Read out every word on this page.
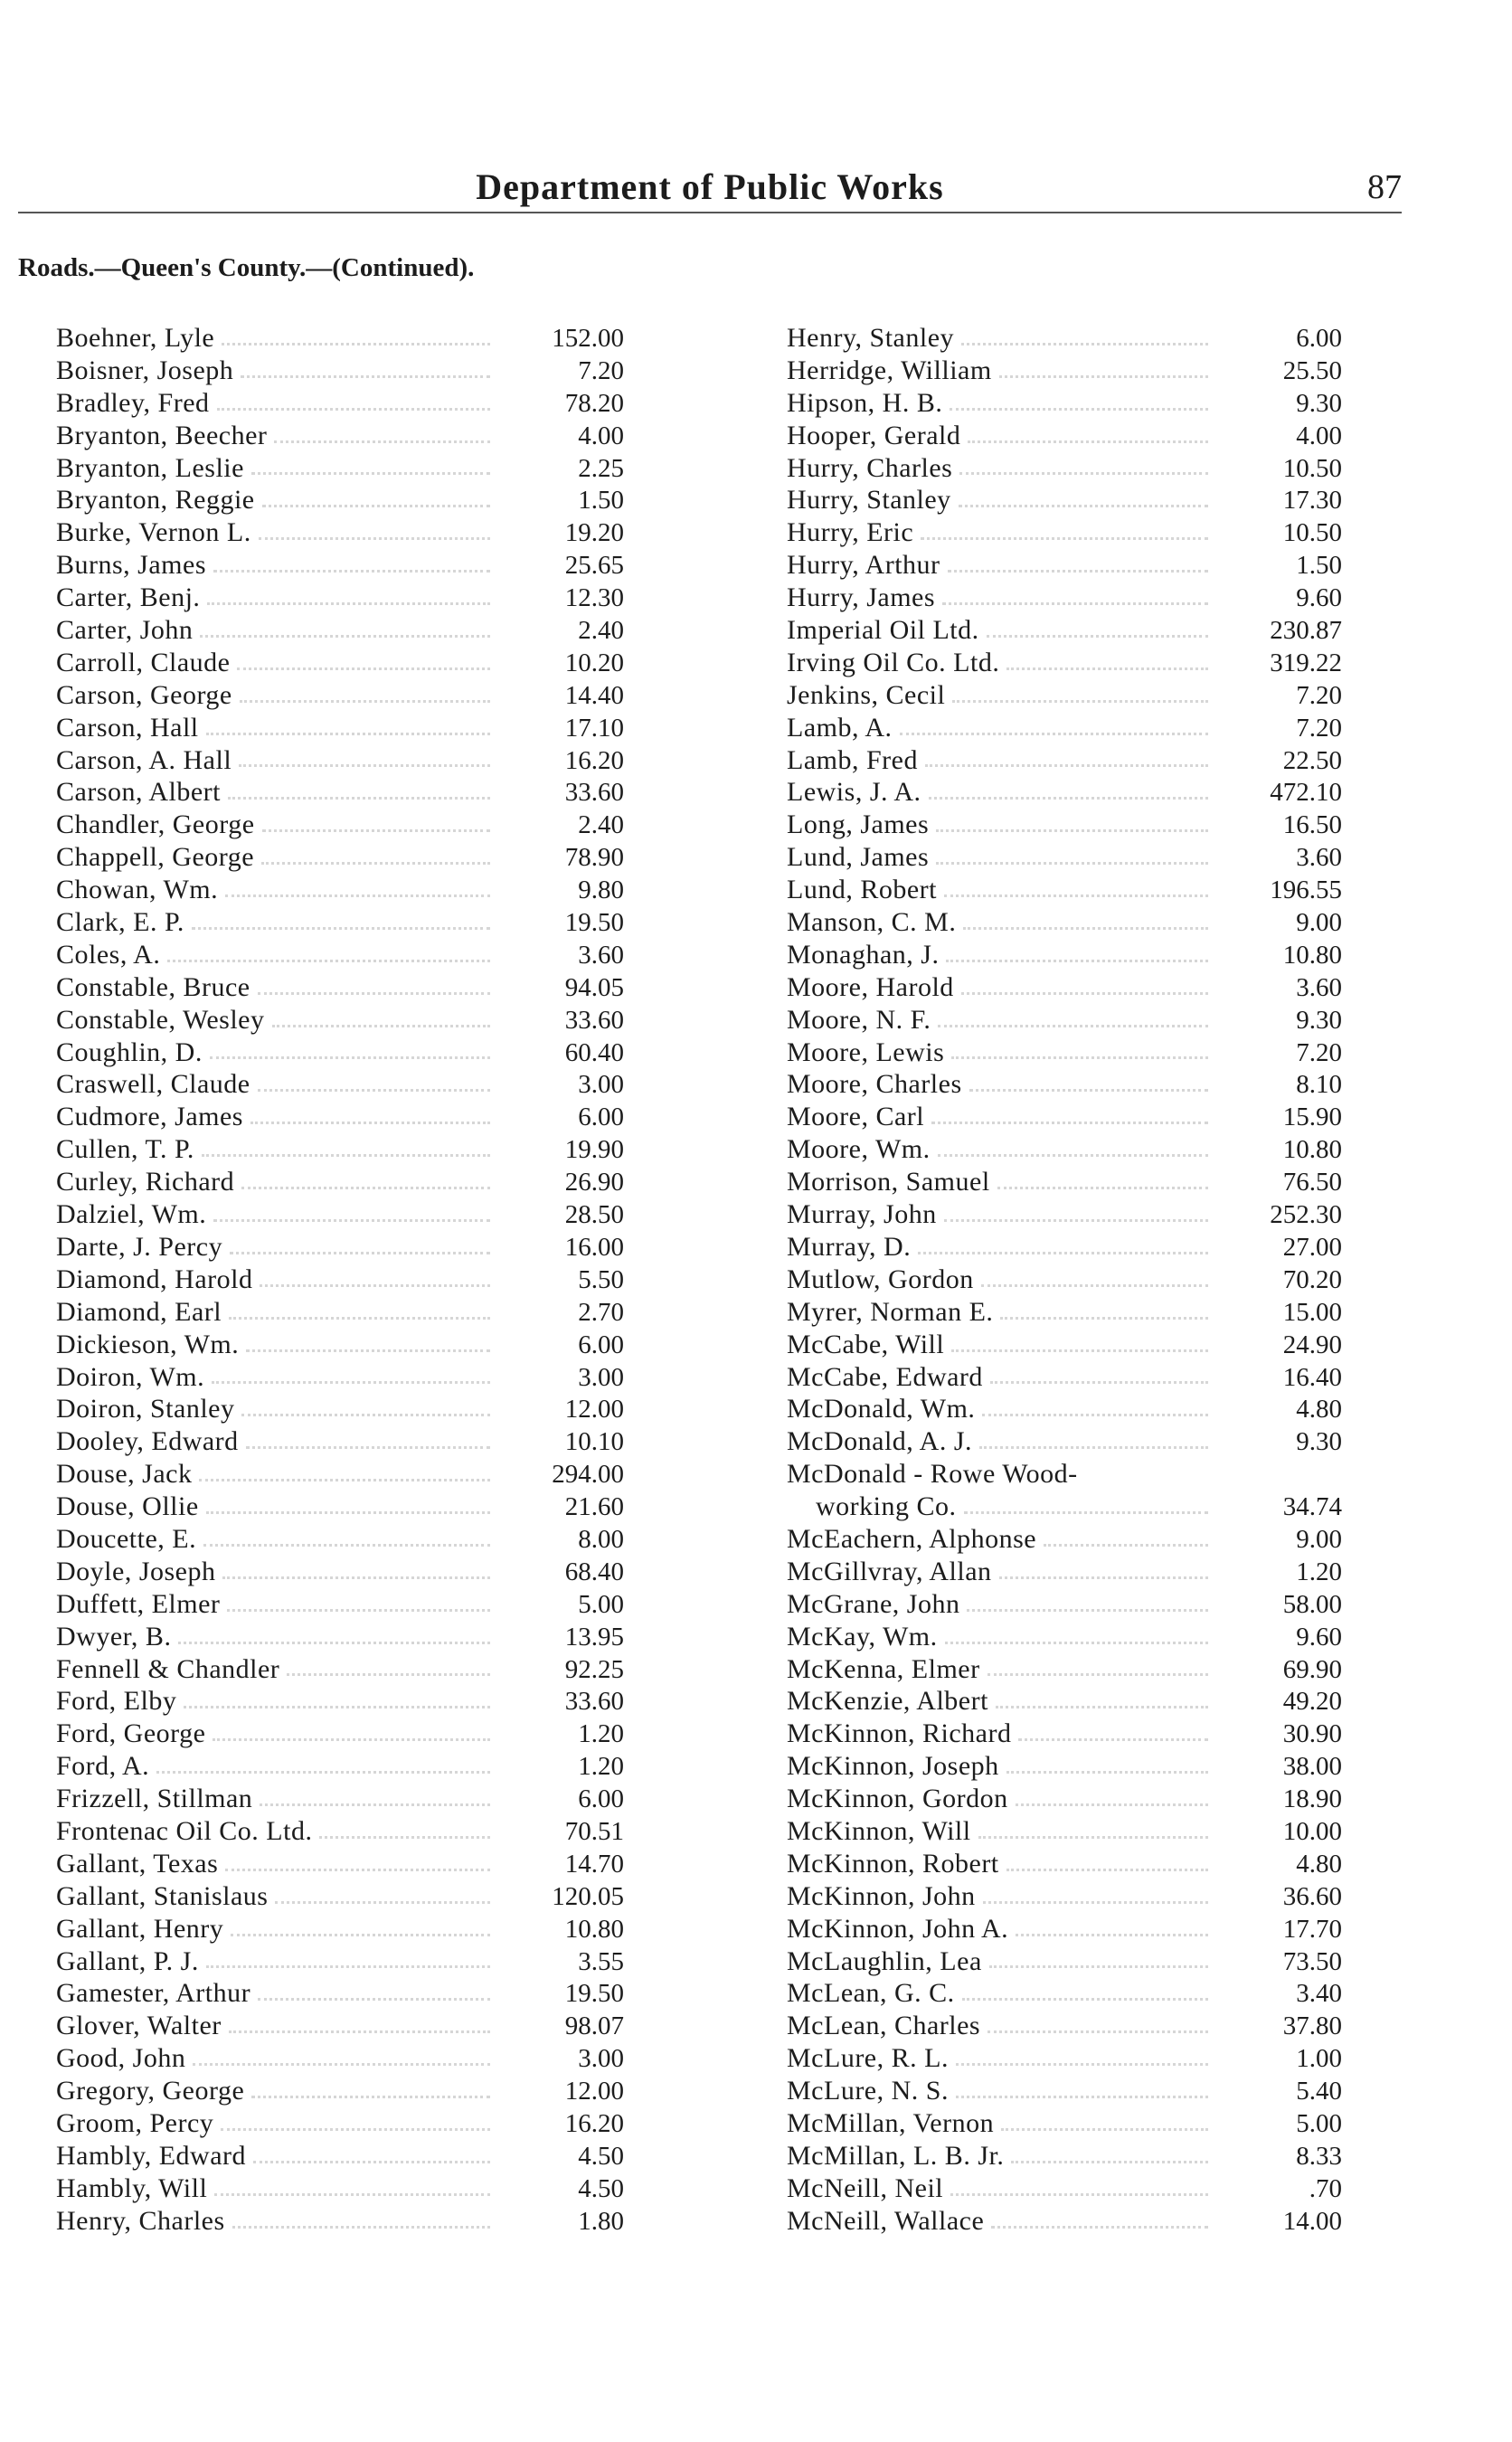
Department of Public Works	87
Roads.—Queen's County.—(Continued).
Boehner, Lyle	152.00
Boisner, Joseph	7.20
Bradley, Fred	78.20
Bryanton, Beecher	4.00
Bryanton, Leslie	2.25
Bryanton, Reggie	1.50
Burke, Vernon L.	19.20
Burns, James	25.65
Carter, Benj.	12.30
Carter, John	2.40
Carroll, Claude	10.20
Carson, George	14.40
Carson, Hall	17.10
Carson, A. Hall	16.20
Carson, Albert	33.60
Chandler, George	2.40
Chappell, George	78.90
Chowan, Wm.	9.80
Clark, E. P.	19.50
Coles, A.	3.60
Constable, Bruce	94.05
Constable, Wesley	33.60
Coughlin, D.	60.40
Craswell, Claude	3.00
Cudmore, James	6.00
Cullen, T. P.	19.90
Curley, Richard	26.90
Dalziel, Wm.	28.50
Darte, J. Percy	16.00
Diamond, Harold	5.50
Diamond, Earl	2.70
Dickieson, Wm.	6.00
Doiron, Wm.	3.00
Doiron, Stanley	12.00
Dooley, Edward	10.10
Douse, Jack	294.00
Douse, Ollie	21.60
Doucette, E.	8.00
Doyle, Joseph	68.40
Duffett, Elmer	5.00
Dwyer, B.	13.95
Fennell & Chandler	92.25
Ford, Elby	33.60
Ford, George	1.20
Ford, A.	1.20
Frizzell, Stillman	6.00
Frontenac Oil Co. Ltd.	70.51
Gallant, Texas	14.70
Gallant, Stanislaus	120.05
Gallant, Henry	10.80
Gallant, P. J.	3.55
Gamester, Arthur	19.50
Glover, Walter	98.07
Good, John	3.00
Gregory, George	12.00
Groom, Percy	16.20
Hambly, Edward	4.50
Hambly, Will	4.50
Henry, Charles	1.80
Henry, Stanley	6.00
Herridge, William	25.50
Hipson, H. B.	9.30
Hooper, Gerald	4.00
Hurry, Charles	10.50
Hurry, Stanley	17.30
Hurry, Eric	10.50
Hurry, Arthur	1.50
Hurry, James	9.60
Imperial Oil Ltd.	230.87
Irving Oil Co. Ltd.	319.22
Jenkins, Cecil	7.20
Lamb, A.	7.20
Lamb, Fred	22.50
Lewis, J. A.	472.10
Long, James	16.50
Lund, James	3.60
Lund, Robert	196.55
Manson, C. M.	9.00
Monaghan, J.	10.80
Moore, Harold	3.60
Moore, N. F.	9.30
Moore, Lewis	7.20
Moore, Charles	8.10
Moore, Carl	15.90
Moore, Wm.	10.80
Morrison, Samuel	76.50
Murray, John	252.30
Murray, D.	27.00
Mutlow, Gordon	70.20
Myrer, Norman E.	15.00
McCabe, Will	24.90
McCabe, Edward	16.40
McDonald, Wm.	4.80
McDonald, A. J.	9.30
McDonald - Rowe Wood-
working Co.	34.74
McEachern, Alphonse	9.00
McGillvray, Allan	1.20
McGrane, John	58.00
McKay, Wm.	9.60
McKenna, Elmer	69.90
McKenzie, Albert	49.20
McKinnon, Richard	30.90
McKinnon, Joseph	38.00
McKinnon, Gordon	18.90
McKinnon, Will	10.00
McKinnon, Robert	4.80
McKinnon, John	36.60
McKinnon, John A.	17.70
McLaughlin, Lea	73.50
McLean, G. C.	3.40
McLean, Charles	37.80
McLure, R. L.	1.00
McLure, N. S.	5.40
McMillan, Vernon	5.00
McMillan, L. B. Jr.	8.33
McNeill, Neil	.70
McNeill, Wallace	14.00
